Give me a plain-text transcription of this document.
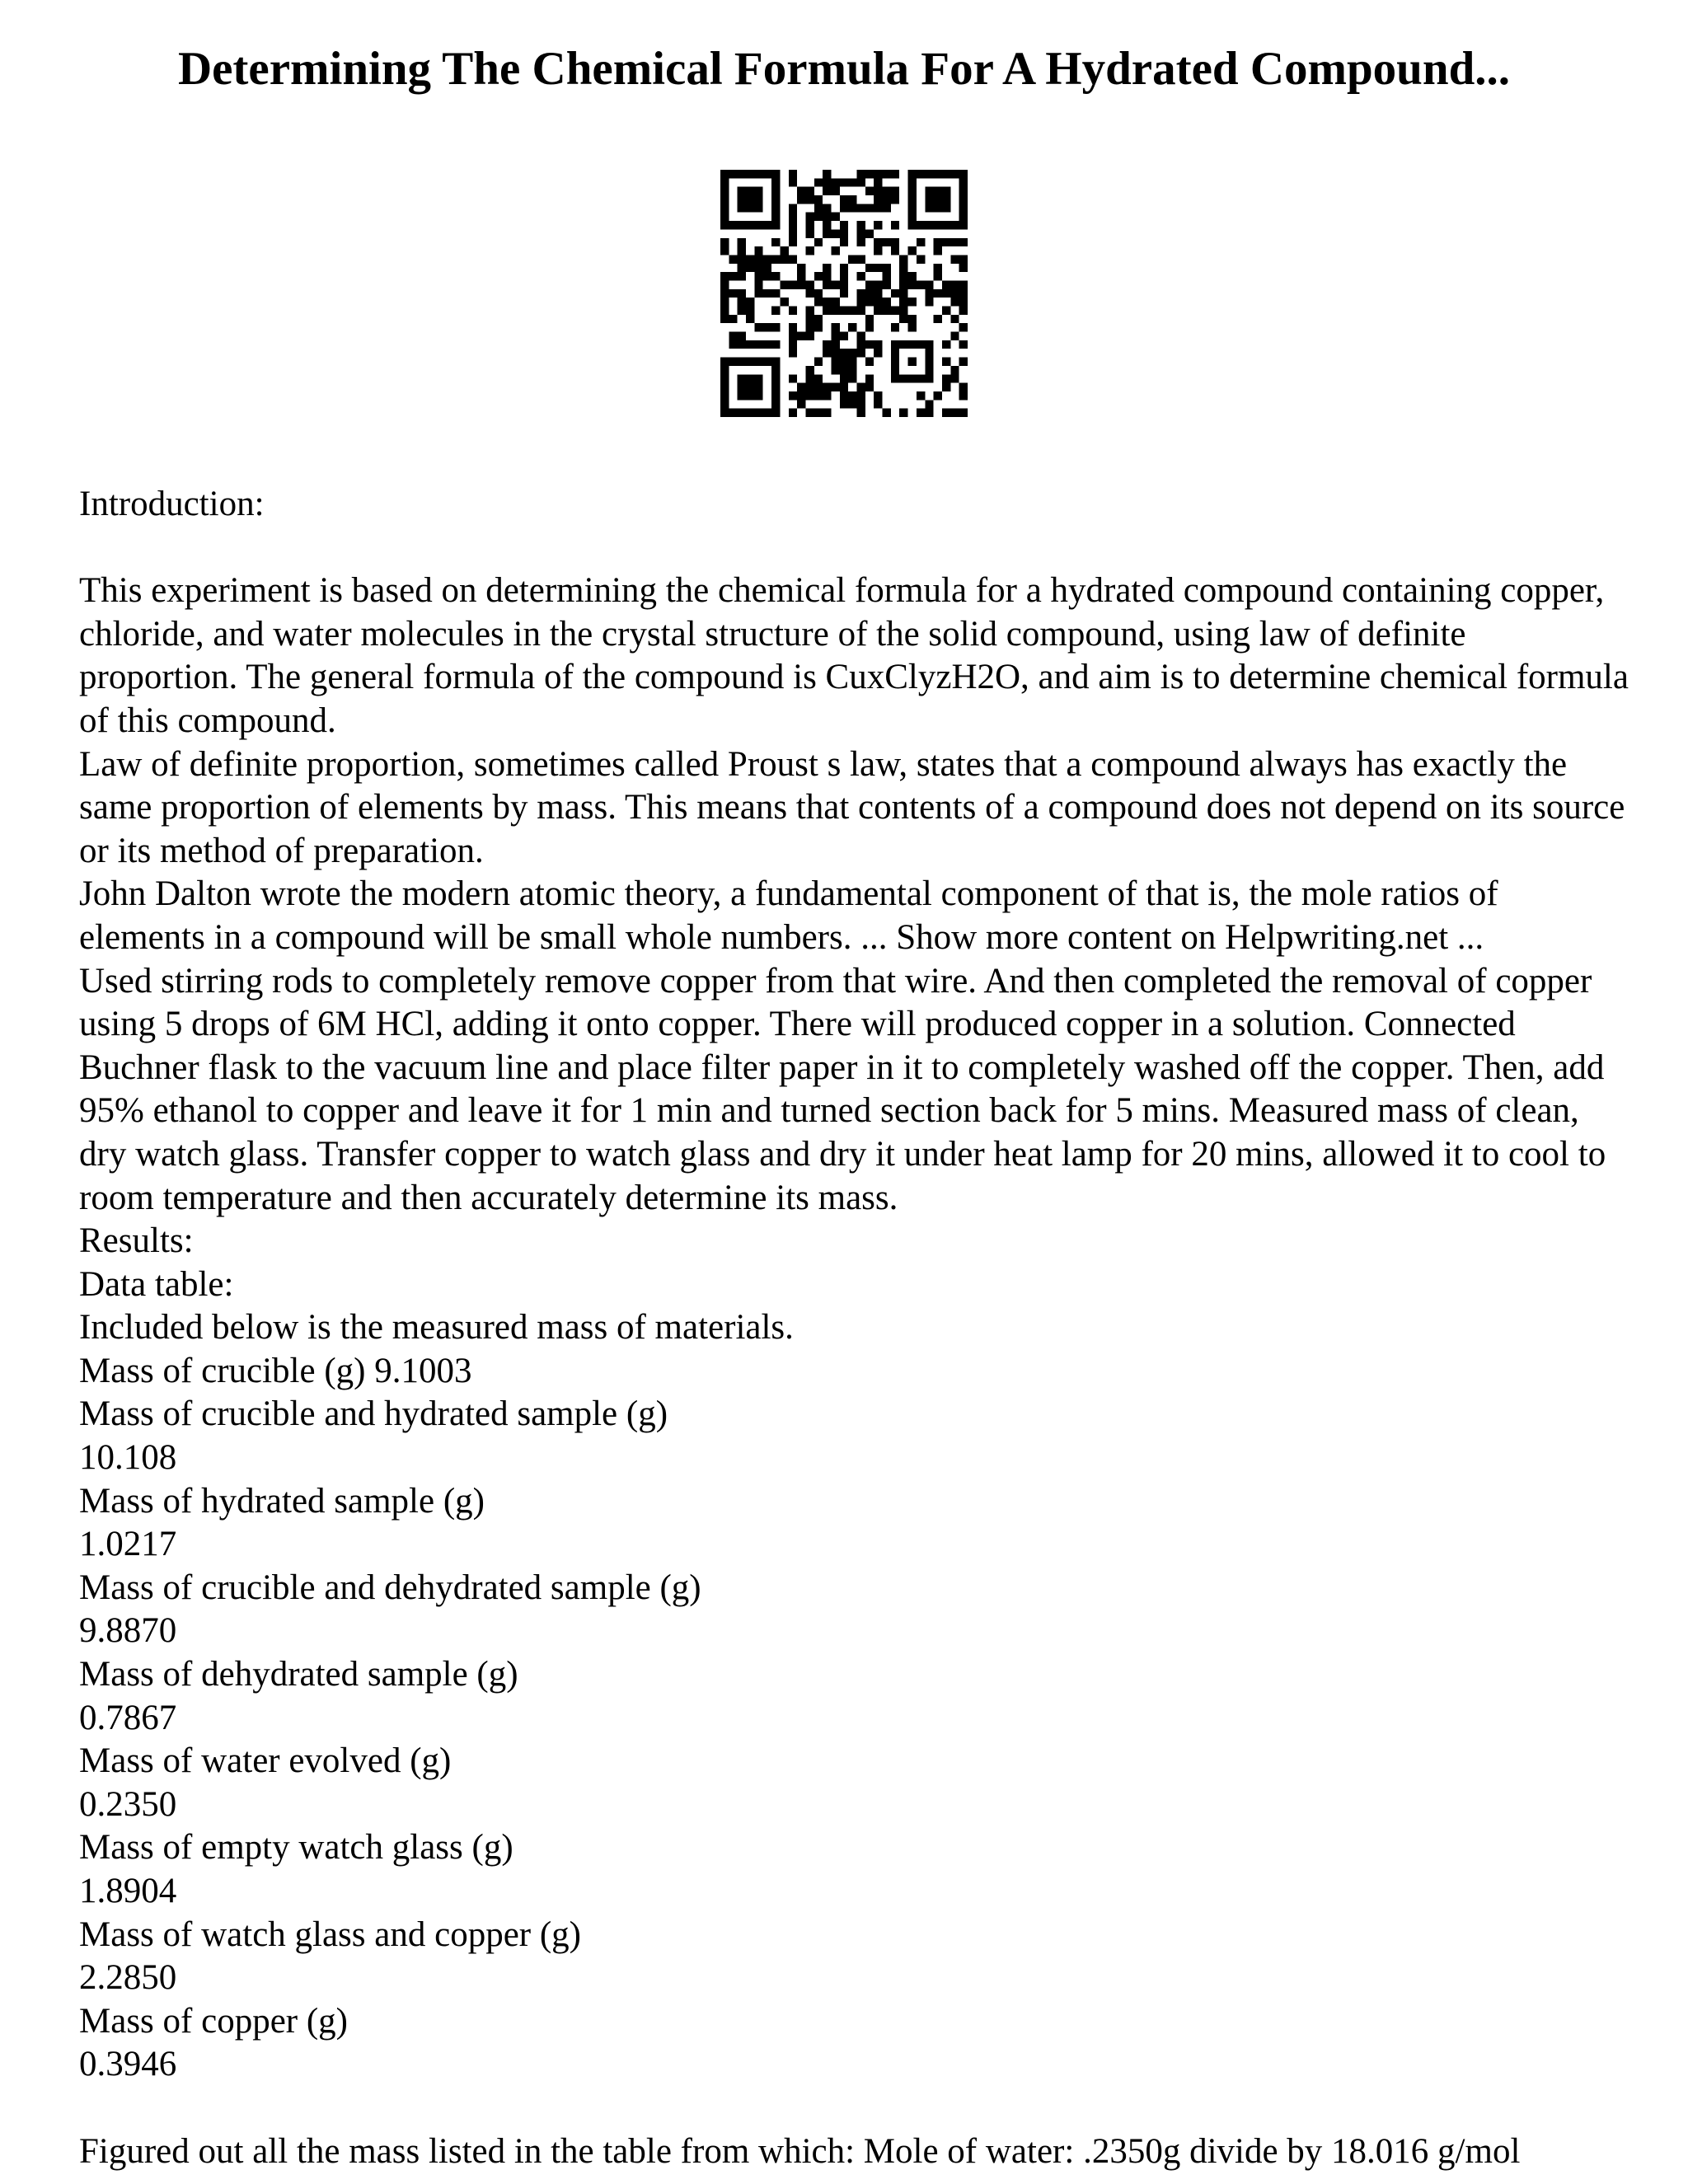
Determining The Chemical Formula For A Hydrated Compound...

Introduction:

This experiment is based on determining the chemical formula for a hydrated compound containing copper, chloride, and water molecules in the crystal structure of the solid compound, using law of definite proportion. The general formula of the compound is CuxClyzH2O, and aim is to determine chemical formula of this compound.

Law of definite proportion, sometimes called Proust s law, states that a compound always has exactly the same proportion of elements by mass. This means that contents of a compound does not depend on its source or its method of preparation.

John Dalton wrote the modern atomic theory, a fundamental component of that is, the mole ratios of elements in a compound will be small whole numbers. ... Show more content on Helpwriting.net ...

Used stirring rods to completely remove copper from that wire. And then completed the removal of copper using 5 drops of 6M HCl, adding it onto copper. There will produced copper in a solution. Connected Buchner flask to the vacuum line and place filter paper in it to completely washed off the copper. Then, add 95% ethanol to copper and leave it for 1 min and turned section back for 5 mins. Measured mass of clean, dry watch glass. Transfer copper to watch glass and dry it under heat lamp for 20 mins, allowed it to cool to room temperature and then accurately determine its mass.

Results:

Data table:

Included below is the measured mass of materials.

Mass of crucible (g) 9.1003

Mass of crucible and hydrated sample (g)

10.108

Mass of hydrated sample (g)

1.0217

Mass of crucible and dehydrated sample (g)

9.8870

Mass of dehydrated sample (g)

0.7867

Mass of water evolved (g)

0.2350

Mass of empty watch glass (g)

1.8904

Mass of watch glass and copper (g)

2.2850

Mass of copper (g)

0.3946

Figured out all the mass listed in the table from which: Mole of water: .2350g divide by 18.016 g/mol
